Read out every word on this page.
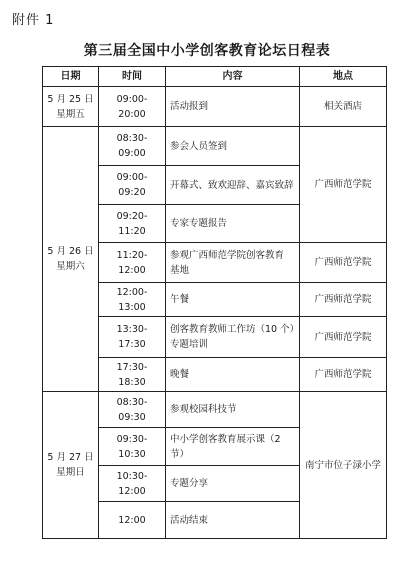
附件 1
第三届全国中小学创客教育论坛日程表
日期	时间	内容	地点

5 月 25 日
星期五	09:00-20:00	活动报到	相关酒店

5 月 26 日
星期六	08:30-09:00	参会人员签到	广西师范学院
	09:00-09:20	开幕式、致欢迎辞、嘉宾致辞	
	09:20-11:20	专家专题报告	
	11:20-12:00	参观广西师范学院创客教育
基地	广西师范学院
	12:00-13:00	午餐	广西师范学院
	13:30-17:30	创客教育教师工作坊（10 个）
专题培训	广西师范学院
	17:30-18:30	晚餐	广西师范学院

5 月 27 日
星期日	08:30-09:30	参观校园科技节	南宁市位子渌小学
	09:30-10:30	中小学创客教育展示课（2 节）	
	10:30-12:00	专题分享	
	12:00	活动结束	
